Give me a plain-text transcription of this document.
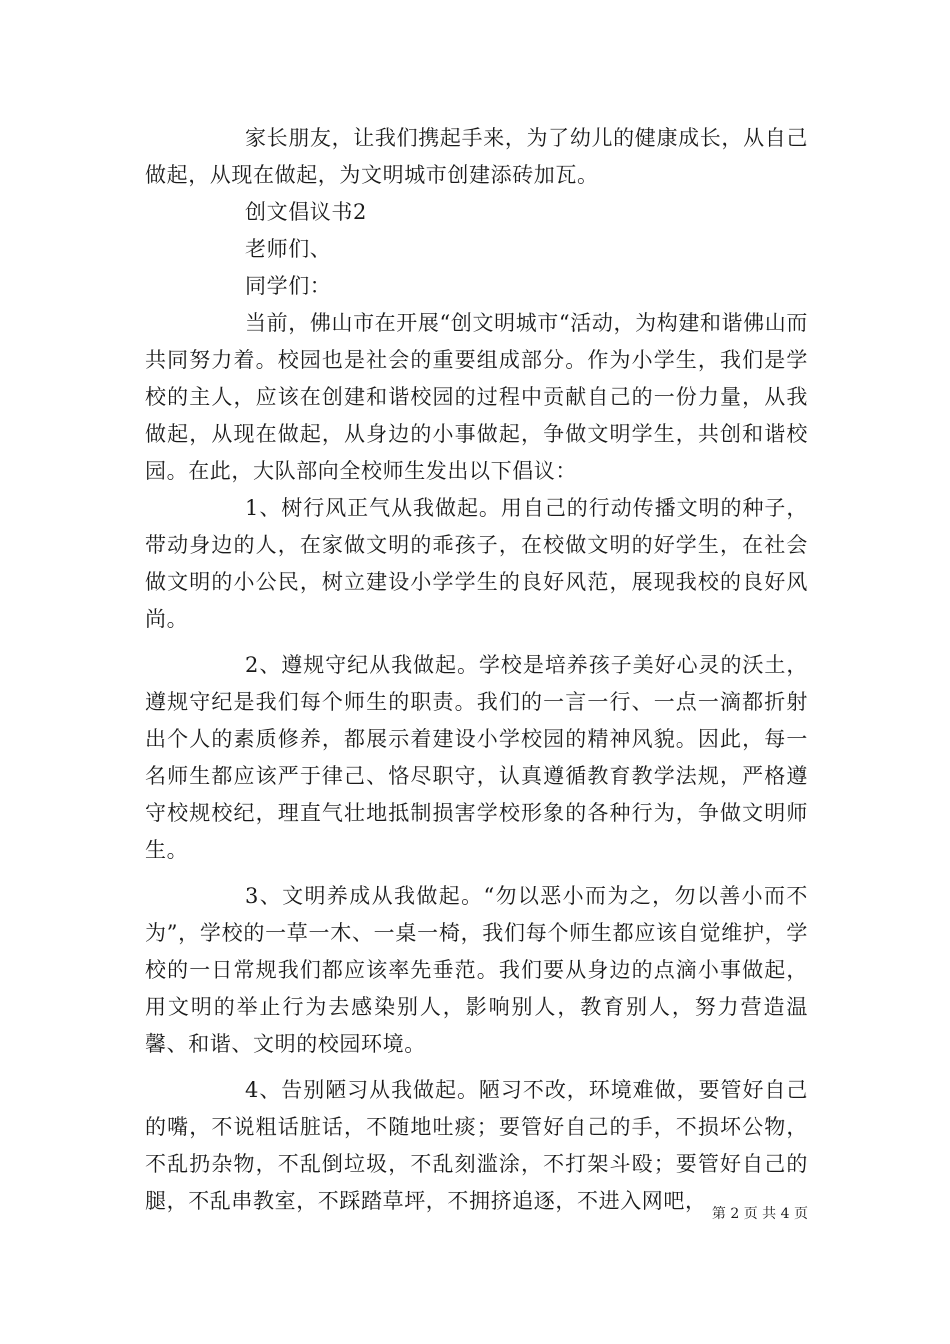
家长朋友，让我们携起手来，为了幼儿的健康成长，从自己做起，从现在做起，为文明城市创建添砖加瓦。

创文倡议书2

老师们、

同学们：

当前，佛山市在开展“创文明城市“活动，为构建和谐佛山而共同努力着。校园也是社会的重要组成部分。作为小学生，我们是学校的主人，应该在创建和谐校园的过程中贡献自己的一份力量，从我做起，从现在做起，从身边的小事做起，争做文明学生，共创和谐校园。在此，大队部向全校师生发出以下倡议：

1、树行风正气从我做起。用自己的行动传播文明的种子，带动身边的人，在家做文明的乖孩子，在校做文明的好学生，在社会做文明的小公民，树立建设小学学生的良好风范，展现我校的良好风尚。

2、遵规守纪从我做起。学校是培养孩子美好心灵的沃土，遵规守纪是我们每个师生的职责。我们的一言一行、一点一滴都折射出个人的素质修养，都展示着建设小学校园的精神风貌。因此，每一名师生都应该严于律己、恪尽职守，认真遵循教育教学法规，严格遵守校规校纪，理直气壮地抵制损害学校形象的各种行为，争做文明师生。

3、文明养成从我做起。“勿以恶小而为之，勿以善小而不为”，学校的一草一木、一桌一椅，我们每个师生都应该自觉维护，学校的一日常规我们都应该率先垂范。我们要从身边的点滴小事做起，用文明的举止行为去感染别人，影响别人，教育别人，努力营造温馨、和谐、文明的校园环境。

4、告别陋习从我做起。陋习不改，环境难做，要管好自己的嘴，不说粗话脏话，不随地吐痰；要管好自己的手，不损坏公物，不乱扔杂物，不乱倒垃圾，不乱刻滥涂，不打架斗殴；要管好自己的腿，不乱串教室，不踩踏草坪，不拥挤追逐，不进入网吧，

第 2 页 共 4 页
